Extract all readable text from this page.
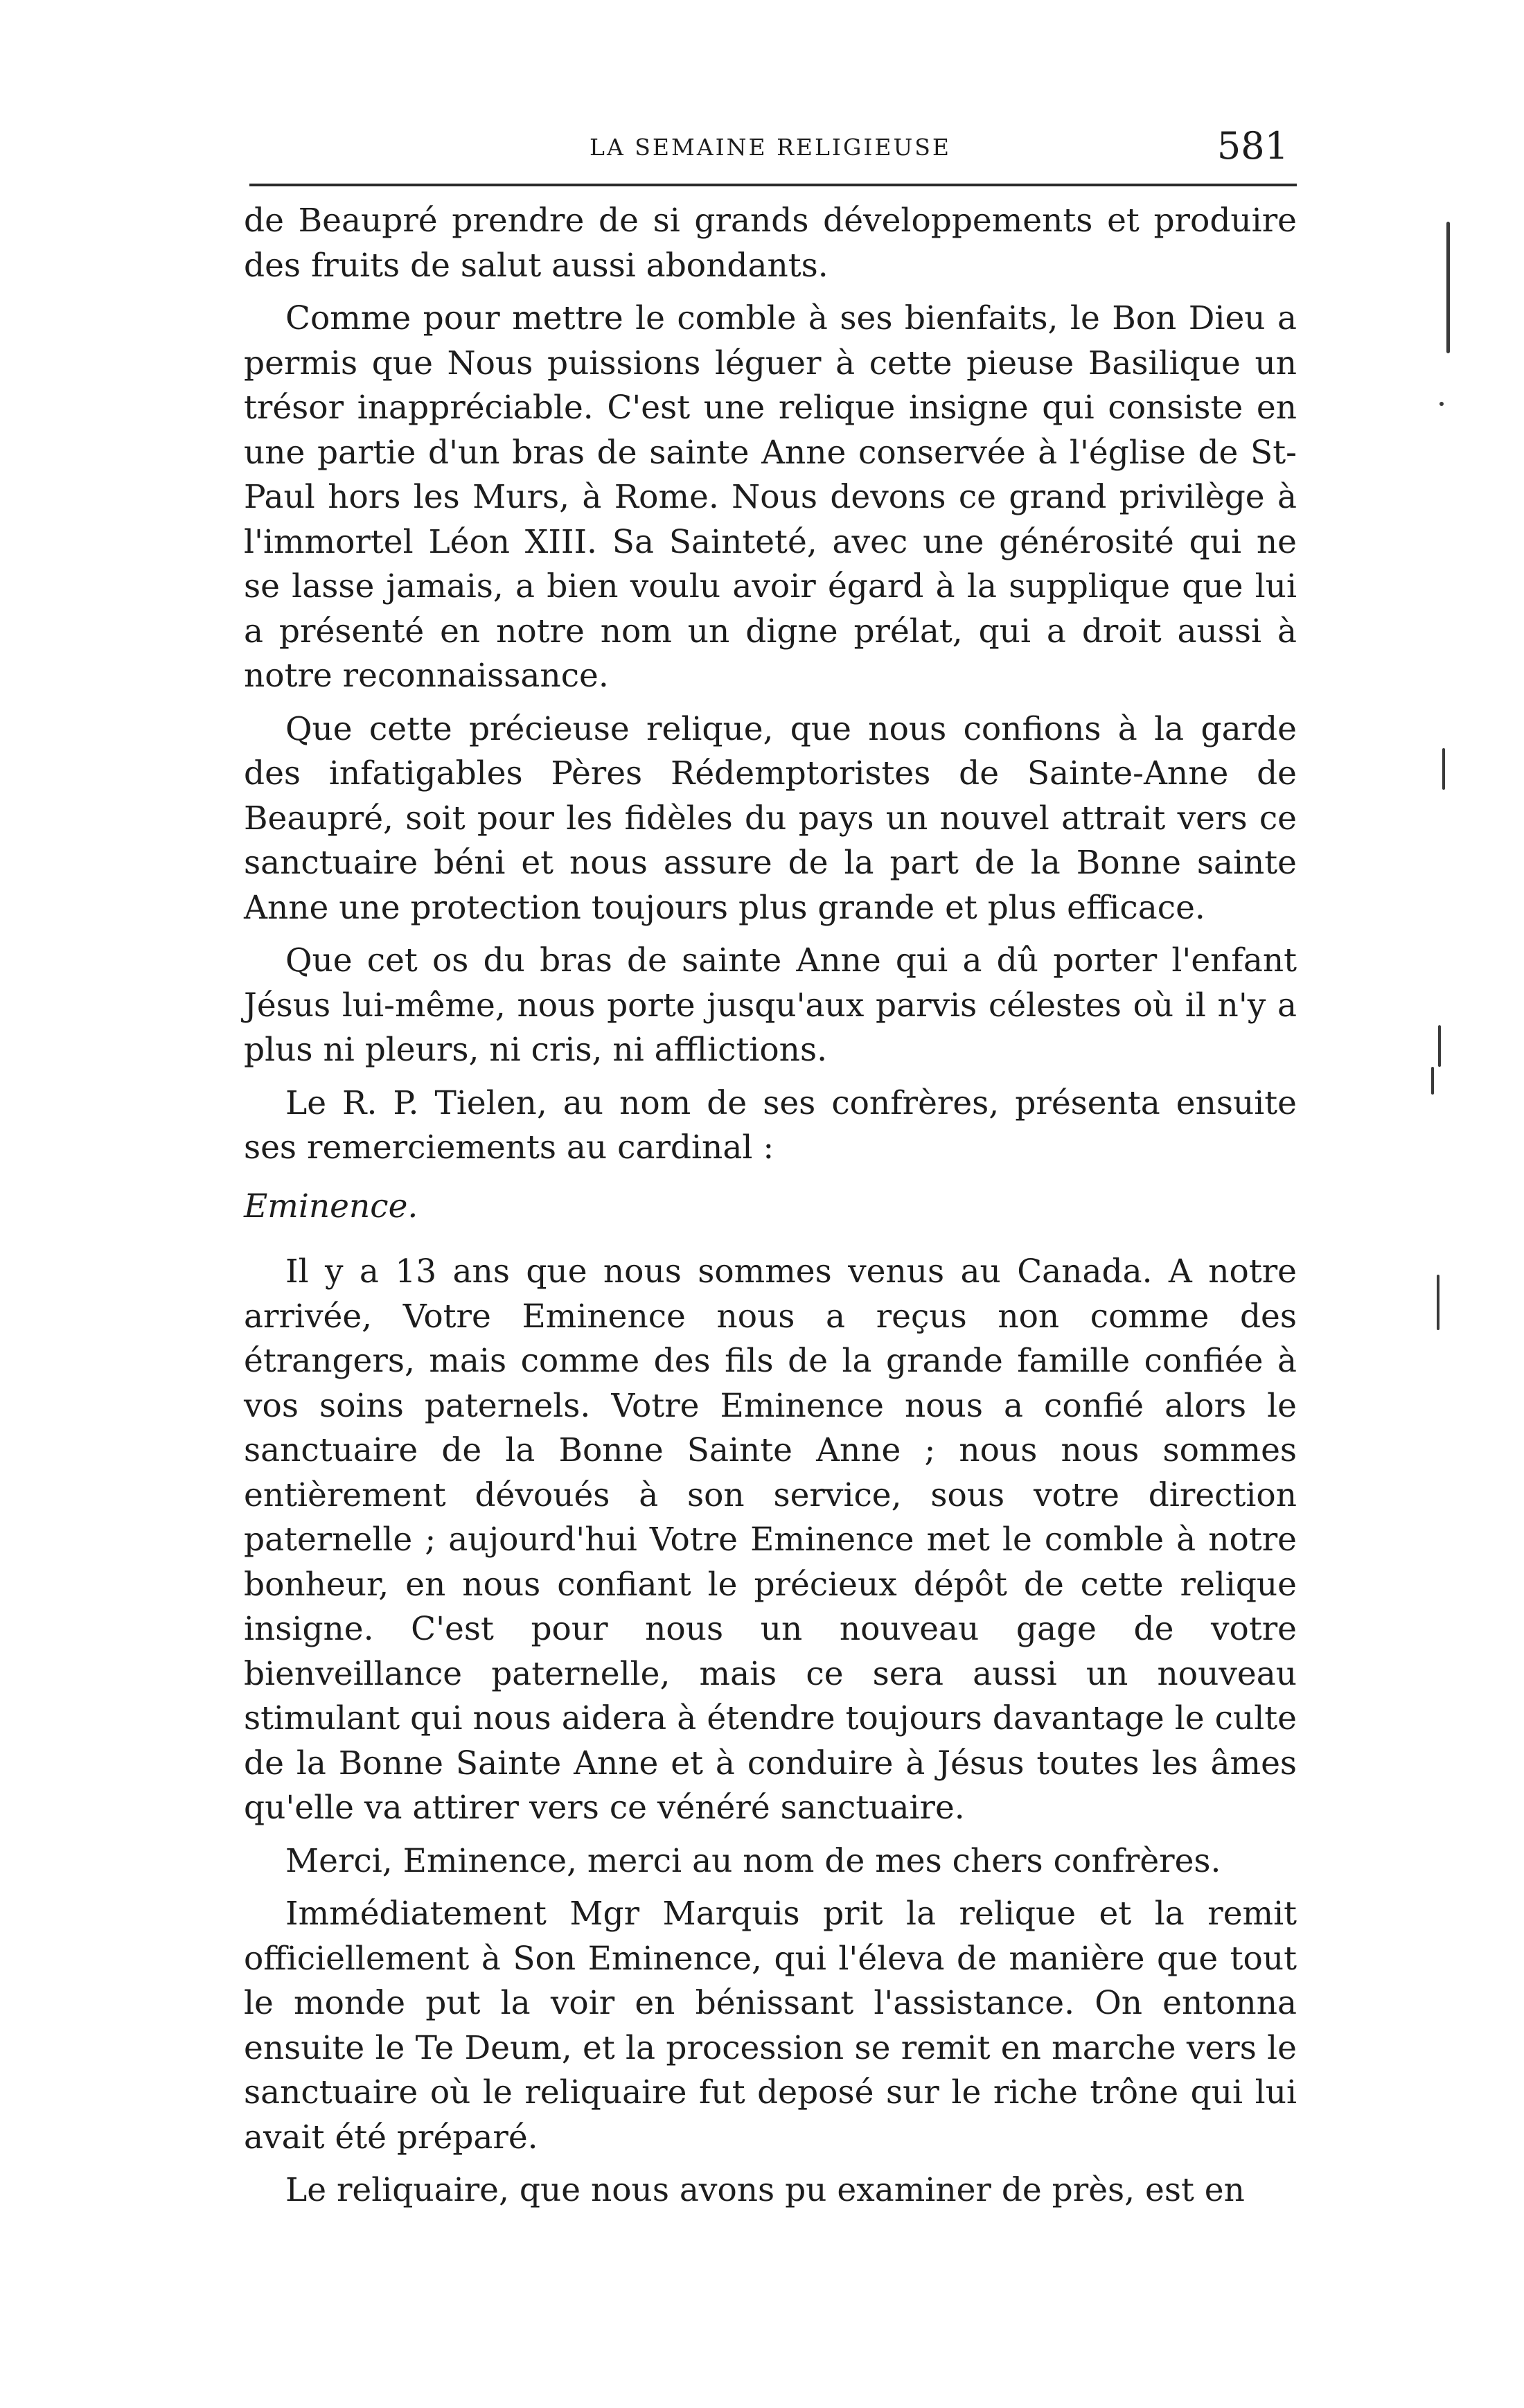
LA SEMAINE RELIGIEUSE	581

de Beaupré prendre de si grands développements et produire des fruits de salut aussi abondants.

Comme pour mettre le comble à ses bienfaits, le Bon Dieu a permis que Nous puissions léguer à cette pieuse Basilique un trésor inappréciable. C'est une relique insigne qui consiste en une partie d'un bras de sainte Anne conservée à l'église de St-Paul hors les Murs, à Rome. Nous devons ce grand privilège à l'immortel Léon XIII. Sa Sainteté, avec une générosité qui ne se lasse jamais, a bien voulu avoir égard à la supplique que lui a présenté en notre nom un digne prélat, qui a droit aussi à notre reconnaissance.

Que cette précieuse relique, que nous confions à la garde des infatigables Pères Rédemptoristes de Sainte-Anne de Beaupré, soit pour les fidèles du pays un nouvel attrait vers ce sanctuaire béni et nous assure de la part de la Bonne sainte Anne une protection toujours plus grande et plus efficace.

Que cet os du bras de sainte Anne qui a dû porter l'enfant Jésus lui-même, nous porte jusqu'aux parvis célestes où il n'y a plus ni pleurs, ni cris, ni afflictions.

Le R. P. Tielen, au nom de ses confrères, présenta ensuite ses remerciements au cardinal :

Eminence.

Il y a 13 ans que nous sommes venus au Canada. A notre arrivée, Votre Eminence nous a reçus non comme des étrangers, mais comme des fils de la grande famille confiée à vos soins paternels. Votre Eminence nous a confié alors le sanctuaire de la Bonne Sainte Anne ; nous nous sommes entièrement dévoués à son service, sous votre direction paternelle ; aujourd'hui Votre Eminence met le comble à notre bonheur, en nous confiant le précieux dépôt de cette relique insigne. C'est pour nous un nouveau gage de votre bienveillance paternelle, mais ce sera aussi un nouveau stimulant qui nous aidera à étendre toujours davantage le culte de la Bonne Sainte Anne et à conduire à Jésus toutes les âmes qu'elle va attirer vers ce vénéré sanctuaire.

Merci, Eminence, merci au nom de mes chers confrères.

Immédiatement Mgr Marquis prit la relique et la remit officiellement à Son Eminence, qui l'éleva de manière que tout le monde put la voir en bénissant l'assistance. On entonna ensuite le Te Deum, et la procession se remit en marche vers le sanctuaire où le reliquaire fut deposé sur le riche trône qui lui avait été préparé.

Le reliquaire, que nous avons pu examiner de près, est en
